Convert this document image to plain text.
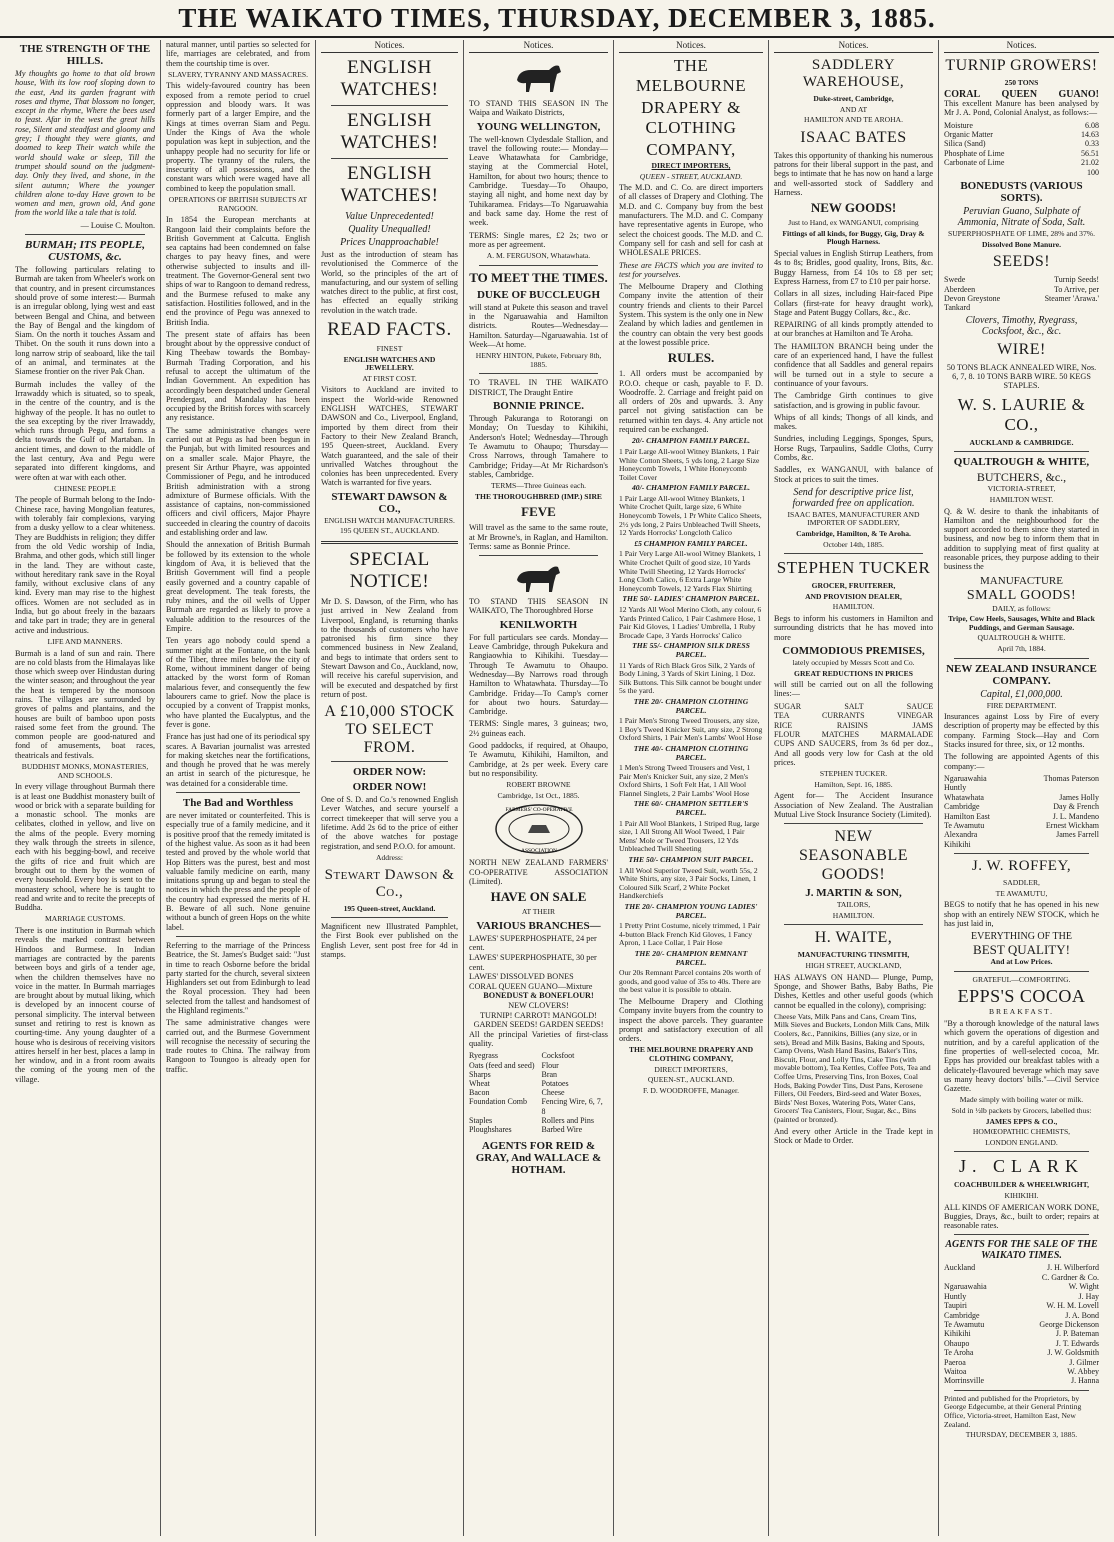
THE WAIKATO TIMES, THURSDAY, DECEMBER 3, 1885.
THE STRENGTH OF THE HILLS.

My thoughts go home to that old brown house, With its low roof sloping down to the east, And its garden fragrant with roses and thyme, That blossom no longer, except in the rhyme, Where the bees used to feast. Afar in the west the great hills rose, Silent and steadfast and gloomy and grey; I thought they were giants, and doomed to keep Their watch while the world should wake or sleep, Till the trumpet should sound on the judgment-day. Only they lived, and shone, in the silent autumn; Where the younger children alone to-day Have grown to be women and men, grown old, And gone from the world like a tale that is told.

— Louise C. Moulton.

BURMAH; ITS PEOPLE, CUSTOMS, &c.

The following particulars relating to Burmah are taken from Wheeler's work on that country, and in present circumstances should prove of some interest:— Burmah is an irregular oblong, lying west and east between Bengal and China, and between the Bay of Bengal and the kingdom of Siam. On the north it touches Assam and Thibet. On the south it runs down into a long narrow strip of seaboard, like the tail of an animal, and terminates at the Siamese frontier on the river Pak Chan.

Burmah includes the valley of the Irrawaddy which is situated, so to speak, in the centre of the country, and is the highway of the people. It has no outlet to the sea excepting by the river Irrawaddy, which runs through Pegu, and forms a delta towards the Gulf of Martaban. In ancient times, and down to the middle of the last century, Ava and Pegu were separated into different kingdoms, and were often at war with each other.

CHINESE PEOPLE

The people of Burmah belong to the Indo-Chinese race, having Mongolian features, with tolerably fair complexions, varying from a dusky yellow to a clear whiteness. They are Buddhists in religion; they differ from the old Vedic worship of India, Brahma, and other gods, which still linger in the land. They are without caste, without hereditary rank save in the Royal family, without exclusive clans of any kind. Every man may rise to the highest offices. Women are not secluded as in India, but go about freely in the bazaars and take part in trade; they are in general active and industrious.

LIFE AND MANNERS.

Burmah is a land of sun and rain. There are no cold blasts from the Himalayas like those which sweep over Hindustan during the winter season; and throughout the year the heat is tempered by the monsoon rains. The villages are surrounded by groves of palms and plantains, and the houses are built of bamboo upon posts raised some feet from the ground. The common people are good-natured and fond of amusements, boat races, theatricals and festivals.

BUDDHIST MONKS, MONASTERIES, AND SCHOOLS.

In every village throughout Burmah there is at least one Buddhist monastery built of wood or brick with a separate building for a monastic school. The monks are celibates, clothed in yellow, and live on the alms of the people. Every morning they walk through the streets in silence, each with his begging-bowl, and receive the gifts of rice and fruit which are brought out to them by the women of every household. Every boy is sent to the monastery school, where he is taught to read and write and to recite the precepts of Buddha.

MARRIAGE CUSTOMS.

There is one institution in Burmah which reveals the marked contrast between Hindoos and Burmese. In Indian marriages are contracted by the parents between boys and girls of a tender age, when the children themselves have no voice in the matter. In Burmah marriages are brought about by mutual liking, which is developed by an innocent course of personal simplicity. The interval between sunset and retiring to rest is known as courting-time. Any young daughter of a house who is desirous of receiving visitors attires herself in her best, places a lamp in her window, and in a front room awaits the coming of the young men of the village.

natural manner, until parties so selected for life, marriages are celebrated, and from them the courtship time is over.

SLAVERY, TYRANNY AND MASSACRES.

This widely-favoured country has been exposed from a remote period to cruel oppression and bloody wars. It was formerly part of a larger Empire, and the Kings at times overran Siam and Pegu. Under the Kings of Ava the whole population was kept in subjection, and the unhappy people had no security for life or property. The tyranny of the rulers, the insecurity of all possessions, and the constant wars which were waged have all combined to keep the population small.

OPERATIONS OF BRITISH SUBJECTS AT RANGOON.

In 1854 the European merchants at Rangoon laid their complaints before the British Government at Calcutta. English sea captains had been condemned on false charges to pay heavy fines, and were otherwise subjected to insults and ill-treatment. The Governor-General sent two ships of war to Rangoon to demand redress, and the Burmese refused to make any satisfaction. Hostilities followed, and in the end the province of Pegu was annexed to British India.

The present state of affairs has been brought about by the oppressive conduct of King Theebaw towards the Bombay-Burmah Trading Corporation, and his refusal to accept the ultimatum of the Indian Government. An expedition has accordingly been despatched under General Prendergast, and Mandalay has been occupied by the British forces with scarcely any resistance.

The same administrative changes were carried out at Pegu as had been begun in the Punjab, but with limited resources and on a smaller scale. Major Phayre, the present Sir Arthur Phayre, was appointed Commissioner of Pegu, and he introduced British administration with a strong admixture of Burmese officials. With the assistance of captains, non-commissioned officers and civil officers, Major Phayre succeeded in clearing the country of dacoits and establishing order and law.

Should the annexation of British Burmah be followed by its extension to the whole kingdom of Ava, it is believed that the British Government will find a people easily governed and a country capable of great development. The teak forests, the ruby mines, and the oil wells of Upper Burmah are regarded as likely to prove a valuable addition to the resources of the Empire.

Ten years ago nobody could spend a summer night at the Fontane, on the bank of the Tiber, three miles below the city of Rome, without imminent danger of being attacked by the worst form of Roman malarious fever, and consequently the few labourers came to grief. Now the place is occupied by a convent of Trappist monks, who have planted the Eucalyptus, and the fever is gone.

France has just had one of its periodical spy scares. A Bavarian journalist was arrested for making sketches near the fortifications, and though he proved that he was merely an artist in search of the picturesque, he was detained for a considerable time.

The Bad and Worthless

are never imitated or counterfeited. This is especially true of a family medicine, and it is positive proof that the remedy imitated is of the highest value. As soon as it had been tested and proved by the whole world that Hop Bitters was the purest, best and most valuable family medicine on earth, many imitations sprung up and began to steal the notices in which the press and the people of the country had expressed the merits of H. B. Beware of all such. None genuine without a bunch of green Hops on the white label.

Referring to the marriage of the Princess Beatrice, the St. James's Budget said: "Just in time to reach Osborne before the bridal party started for the church, several sixteen Highlanders set out from Edinburgh to lead the Royal procession. They had been selected from the tallest and handsomest of the Highland regiments."

The same administrative changes were carried out, and the Burmese Government will recognise the necessity of securing the trade routes to China. The railway from Rangoon to Toungoo is already open for traffic.

Notices.
ENGLISH WATCHES!
ENGLISH WATCHES!
ENGLISH WATCHES!
Value Unprecedented!
Quality Unequalled!
Prices Unapproachable!

Just as the introduction of steam has revolutionised the Commerce of the World, so the principles of the art of manufacturing, and our system of selling watches direct to the public, at first cost, has effected an equally striking revolution in the watch trade.

READ FACTS.
FINEST
ENGLISH WATCHES AND JEWELLERY.
AT FIRST COST.

Visitors to Auckland are invited to inspect the World-wide Renowned ENGLISH WATCHES, STEWART DAWSON and Co., Liverpool, England, imported by them direct from their Factory to their New Zealand Branch, 195 Queen-street, Auckland. Every Watch guaranteed, and the sale of their unrivalled Watches throughout the colonies has been unprecedented. Every Watch is warranted for five years.

STEWART DAWSON & CO.,
ENGLISH WATCH MANUFACTURERS.
195 QUEEN ST., AUCKLAND.
SPECIAL NOTICE!

Mr D. S. Dawson, of the Firm, who has just arrived in New Zealand from Liverpool, England, is returning thanks to the thousands of customers who have patronised his firm since they commenced business in New Zealand, and begs to intimate that orders sent to Stewart Dawson and Co., Auckland, now, will receive his careful supervision, and will be executed and despatched by first return of post.

A £10,000 STOCK TO SELECT FROM.
ORDER NOW:
ORDER NOW!

One of S. D. and Co.'s renowned English Lever Watches, and secure yourself a correct timekeeper that will serve you a lifetime. Add 2s 6d to the price of either of the above watches for postage registration, and send P.O.O. for amount.

Address:
Stewart Dawson & Co.,
195 Queen-street, Auckland.

Magnificent new Illustrated Pamphlet, the First Book ever published on the English Lever, sent post free for 4d in stamps.

Notices.

TO STAND THIS SEASON IN The Waipa and Waikato Districts,

YOUNG WELLINGTON,

The well-known Clydesdale Stallion, and travel the following route:— Monday—Leave Whatawhata for Cambridge, staying at the Commercial Hotel, Hamilton, for about two hours; thence to Cambridge. Tuesday—To Ohaupo, staying all night, and home next day by Tuhikaramea. Fridays—To Ngaruawahia and back same day. Home the rest of week.

TERMS: Single mares, £2 2s; two or more as per agreement.

A. M. FERGUSON, Whatawhata.
TO MEET THE TIMES.
DUKE OF BUCCLEUGH

will stand at Pukete this season and travel in the Ngaruawahia and Hamilton districts. Routes—Wednesday—Hamilton. Saturday—Ngaruawahia. 1st of Week—At home.

HENRY HINTON, Pukete, February 8th, 1885.

TO TRAVEL IN THE WAIKATO DISTRICT, The Draught Entire

BONNIE PRINCE.

Through Pakuranga to Rotorangi on Monday; On Tuesday to Kihikihi, Anderson's Hotel; Wednesday—Through Te Awamutu to Ohaupo; Thursday—Cross Narrows, through Tamahere to Cambridge; Friday—At Mr Richardson's stables, Cambridge.

TERMS—Three Guineas each.
THE THOROUGHBRED (IMP.) SIRE
FEVE

Will travel as the same to the same route, at Mr Browne's, in Raglan, and Hamilton. Terms: same as Bonnie Prince.

TO STAND THIS SEASON IN WAIKATO, The Thoroughbred Horse

KENILWORTH

For full particulars see cards. Monday—Leave Cambridge, through Pukekura and Rangiaowhia to Kihikihi. Tuesday—Through Te Awamutu to Ohaupo. Wednesday—By Narrows road through Hamilton to Whatawhata. Thursday—To Cambridge. Friday—To Camp's corner for about two hours. Saturday—Cambridge.

TERMS: Single mares, 3 guineas; two, 2½ guineas each.

Good paddocks, if required, at Ohaupo, Te Awamutu, Kihikihi, Hamilton, and Cambridge, at 2s per week. Every care but no responsibility.

ROBERT BROWNE
Cambridge, 1st Oct., 1885.
FARMERS' CO-OPERATIVE
ASSOCIATION

NORTH NEW ZEALAND FARMERS' CO-OPERATIVE ASSOCIATION (Limited).

HAVE ON SALE
AT THEIR
VARIOUS BRANCHES—
LAWES' SUPERPHOSPHATE, 24 per cent.
LAWES' SUPERPHOSPHATE, 30 per cent.
LAWES' DISSOLVED BONES
CORAL QUEEN GUANO—Mixture
BONEDUST & BONEFLOUR!
NEW CLOVERS!
TURNIP! CARROT! MANGOLD!
GARDEN SEEDS! GARDEN SEEDS!

All the principal Varieties of first-class quality.

Ryegrass	Cocksfoot
Oats (feed and seed) Flour
Sharps	Bran
Wheat	Potatoes
Bacon	Cheese
Foundation Comb	Fencing Wire, 6, 7, 8
Staples	Rollers and Pins
Ploughshares	Barbed Wire
AGENTS FOR REID & GRAY, And WALLACE & HOTHAM.
Notices.
THE MELBOURNE
DRAPERY & CLOTHING
COMPANY,
DIRECT IMPORTERS,
QUEEN - STREET, AUCKLAND.

The M.D. and C. Co. are direct importers of all classes of Drapery and Clothing. The M.D. and C. Company buy from the best manufacturers. The M.D. and C. Company have representative agents in Europe, who select the choicest goods. The M.D. and C. Company sell for cash and sell for cash at WHOLESALE PRICES.

These are FACTS which you are invited to test for yourselves.

The Melbourne Drapery and Clothing Company invite the attention of their country friends and clients to their Parcel System. This system is the only one in New Zealand by which ladies and gentlemen in the country can obtain the very best goods at the lowest possible price.

RULES.

1. All orders must be accompanied by P.O.O. cheque or cash, payable to F. D. Woodroffe. 2. Carriage and freight paid on all orders of 20s and upwards. 3. Any parcel not giving satisfaction can be returned within ten days. 4. Any article not required can be exchanged.

20/- CHAMPION FAMILY PARCEL.

1 Pair Large All-wool Witney Blankets, 1 Pair White Cotton Sheets, 5 yds long, 2 Large Size Honeycomb Towels, 1 White Honeycomb Toilet Cover

40/- CHAMPION FAMILY PARCEL.

1 Pair Large All-wool Witney Blankets, 1 White Crochet Quilt, large size, 6 White Honeycomb Towels, 1 Pr White Calico Sheets, 2½ yds long, 2 Pairs Unbleached Twill Sheets, 12 Yards Horrocks' Longcloth Calico

£5 CHAMPION FAMILY PARCEL.

1 Pair Very Large All-wool Witney Blankets, 1 White Crochet Quilt of good size, 10 Yards White Twill Sheeting, 12 Yards Horrocks' Long Cloth Calico, 6 Extra Large White Honeycomb Towels, 12 Yards Flax Shirting

THE 50/- LADIES' CHAMPION PARCEL.

12 Yards All Wool Merino Cloth, any colour, 6 Yards Printed Calico, 1 Pair Cashmere Hose, 1 Pair Kid Gloves, 1 Ladies' Umbrella, 1 Ruby Brocade Cape, 3 Yards Horrocks' Calico

THE 55/- CHAMPION SILK DRESS PARCEL.

11 Yards of Rich Black Gros Silk, 2 Yards of Body Lining, 3 Yards of Skirt Lining, 1 Doz. Silk Buttons. This Silk cannot be bought under 5s the yard.

THE 20/- CHAMPION CLOTHING PARCEL.

1 Pair Men's Strong Tweed Trousers, any size, 1 Boy's Tweed Knicker Suit, any size, 2 Strong Oxford Shirts, 1 Pair Men's Lambs' Wool Hose

THE 40/- CHAMPION CLOTHING PARCEL.

1 Men's Strong Tweed Trousers and Vest, 1 Pair Men's Knicker Suit, any size, 2 Men's Oxford Shirts, 1 Soft Felt Hat, 1 All Wool Flannel Singlets, 2 Pair Lambs' Wool Hose

THE 60/- CHAMPION SETTLER'S PARCEL.

1 Pair All Wool Blankets, 1 Striped Rug, large size, 1 All Strong All Wool Tweed, 1 Pair Mens' Mole or Tweed Trousers, 12 Yds Unbleached Twill Sheeting

THE 50/- CHAMPION SUIT PARCEL.

1 All Wool Superior Tweed Suit, worth 55s, 2 White Shirts, any size, 3 Pair Socks, Linen, 1 Coloured Silk Scarf, 2 White Pocket Handkerchiefs

THE 20/- CHAMPION YOUNG LADIES' PARCEL.

1 Pretty Print Costume, nicely trimmed, 1 Pair 4-button Black French Kid Gloves, 1 Fancy Apron, 1 Lace Collar, 1 Pair Hose

THE 20/- CHAMPION REMNANT PARCEL.

Our 20s Remnant Parcel contains 20s worth of goods, and good value of 35s to 40s. There are the best value it is possible to obtain.

The Melbourne Drapery and Clothing Company invite buyers from the country to inspect the above parcels. They guarantee prompt and satisfactory execution of all orders.

THE MELBOURNE DRAPERY AND CLOTHING COMPANY,
DIRECT IMPORTERS,
QUEEN-ST., AUCKLAND.
F. D. WOODROFFE, Manager.
Notices.
SADDLERY WAREHOUSE,
Duke-street, Cambridge,
AND AT
HAMILTON AND TE AROHA.
ISAAC BATES

Takes this opportunity of thanking his numerous patrons for their liberal support in the past, and begs to intimate that he has now on hand a large and well-assorted stock of Saddlery and Harness.

NEW GOODS!
Just to Hand, ex WANGANUI, comprising
Fittings of all kinds, for Buggy, Gig, Dray & Plough Harness.

Special values in English Stirrup Leathers, from 4s to 8s; Bridles, good quality, Irons, Bits, &c. Buggy Harness, from £4 10s to £8 per set; Express Harness, from £7 to £10 per pair horse.

Collars in all sizes, including Hair-faced Pipe Collars (first-rate for heavy draught work), Stage and Patent Buggy Collars, &c., &c.

REPAIRING of all kinds promptly attended to at our branches at Hamilton and Te Aroha.

The HAMILTON BRANCH being under the care of an experienced hand, I have the fullest confidence that all Saddles and general repairs will be turned out in a style to secure a continuance of your favours.

The Cambridge Girth continues to give satisfaction, and is growing in public favour.

Whips of all kinds; Thongs of all kinds, and makes.

Sundries, including Leggings, Sponges, Spurs, Horse Rugs, Tarpaulins, Saddle Cloths, Curry Combs, &c.

Saddles, ex WANGANUI, with balance of Stock at prices to suit the times.

Send for descriptive price list, forwarded free on application.
ISAAC BATES, MANUFACTURER AND IMPORTER OF SADDLERY,
Cambridge, Hamilton, & Te Aroha.
October 14th, 1885.
STEPHEN TUCKER
GROCER, FRUITERER,
AND PROVISION DEALER,
HAMILTON.

Begs to inform his customers in Hamilton and surrounding districts that he has moved into more

COMMODIOUS PREMISES,
lately occupied by Messrs Scott and Co.
GREAT REDUCTIONS IN PRICES

will still be carried out on all the following lines:—

SUGAR	SALT	SAUCE
TEA	CURRANTS	VINEGAR
RICE	RAISINS	JAMS
FLOUR	MATCHES	MARMALADE

CUPS AND SAUCERS, from 3s 6d per doz., And all goods very low for Cash at the old prices.

STEPHEN TUCKER.
Hamilton, Sept. 16, 1885.

Agent for— The Accident Insurance Association of New Zealand. The Australian Mutual Live Stock Insurance Society (Limited).

NEW
SEASONABLE
GOODS!
J. MARTIN & SON,
TAILORS,
HAMILTON.
H. WAITE,
MANUFACTURING TINSMITH,
HIGH STREET, AUCKLAND,

HAS ALWAYS ON HAND— Plunge, Pump, Sponge, and Shower Baths, Baby Baths, Pie Dishes, Kettles and other useful goods (which cannot be equalled in the colony), comprising:

Cheese Vats, Milk Pans and Cans, Cream Tins, Milk Sieves and Buckets, London Milk Cans, Milk Coolers, &c., Pannikins, Billies (any size, or in sets), Bread and Milk Basins, Baking and Spouts, Camp Ovens, Wash Hand Basins, Baker's Tins, Biscuit, Flour, and Lolly Tins, Cake Tins (with movable bottom), Tea Kettles, Coffee Pots, Tea and Coffee Urns, Preserving Tins, Iron Boxes, Coal Hods, Baking Powder Tins, Dust Pans, Kerosene Fillers, Oil Feeders, Bird-seed and Water Boxes, Birds' Nest Boxes, Watering Pots, Water Cans, Grocers' Tea Canisters, Flour, Sugar, &c., Bins (painted or bronzed).

And every other Article in the Trade kept in Stock or Made to Order.

Notices.
TURNIP GROWERS!
250 TONS
CORAL QUEEN GUANO!

This excellent Manure has been analysed by Mr J. A. Pond, Colonial Analyst, as follows:—

Moisture	6.08
Organic Matter	14.63
Silica (Sand)	0.33
Phosphate of Lime	56.51
Carbonate of Lime	21.02
100
BONEDUSTS (VARIOUS SORTS).
Peruvian Guano, Sulphate of Ammonia, Nitrate of Soda, Salt.
SUPERPHOSPHATE OF LIME, 28% and 37%.
Dissolved Bone Manure.
SEEDS!
Swede	Turnip Seeds!
Aberdeen	To Arrive, per
Devon Greystone	Steamer 'Arawa.'
Tankard
Clovers, Timothy, Ryegrass, Cocksfoot, &c., &c.
WIRE!

50 TONS BLACK ANNEALED WIRE, Nos. 6, 7, 8. 10 TONS BARB WIRE. 50 KEGS STAPLES.

W. S. LAURIE & CO.,
AUCKLAND & CAMBRIDGE.
QUALTROUGH & WHITE,
BUTCHERS, &c.,
VICTORIA-STREET,
HAMILTON WEST.

Q. & W. desire to thank the inhabitants of Hamilton and the neighbourhood for the support accorded to them since they started in business, and now beg to inform them that in addition to supplying meat of first quality at reasonable prices, they purpose adding to their business the

MANUFACTURE
SMALL GOODS!
DAILY, as follows:
Tripe, Cow Heels, Sausages, White and Black Puddings, and German Sausage.
QUALTROUGH & WHITE.
April 7th, 1884.
NEW ZEALAND INSURANCE COMPANY.
Capital, £1,000,000.
FIRE DEPARTMENT.

Insurances against Loss by Fire of every description of property may be effected by this company. Farming Stock—Hay and Corn Stacks insured for three, six, or 12 months.

The following are appointed Agents of this company:—

Ngaruawahia	Thomas Paterson
Huntly
Whatawhata	James Holly
Cambridge	Day & French
Hamilton East	J. L. Mandeno
Te Awamutu	Ernest Wickham
Alexandra	James Farrell
Kihikihi
J. W. ROFFEY,
SADDLER,
TE AWAMUTU,

BEGS to notify that he has opened in his new shop with an entirely NEW STOCK, which he has just laid in,

EVERYTHING OF THE
BEST QUALITY!
And at Low Prices.
GRATEFUL—COMFORTING.
EPPS'S COCOA
BREAKFAST.

"By a thorough knowledge of the natural laws which govern the operations of digestion and nutrition, and by a careful application of the fine properties of well-selected cocoa, Mr. Epps has provided our breakfast tables with a delicately-flavoured beverage which may save us many heavy doctors' bills."—Civil Service Gazette.

Made simply with boiling water or milk.
Sold in ½lb packets by Grocers, labelled thus:
JAMES EPPS & CO.,
HOMŒOPATHIC CHEMISTS,
LONDON ENGLAND.
J. CLARK
COACHBUILDER & WHEELWRIGHT,
KIHIKIHI.

ALL KINDS OF AMERICAN WORK DONE, Buggies, Drays, &c., built to order; repairs at reasonable rates.

AGENTS FOR THE SALE OF THE WAIKATO TIMES.
Auckland	J. H. Wilberford
C. Gardner & Co.
Ngaruawahia	W. Wight
Huntly	J. Hay
Taupiri	W. H. M. Lovell
Cambridge	J. A. Bond
Te Awamutu	George Dickenson
Kihikihi	J. P. Bateman
Ohaupo	J. T. Edwards
Te Aroha	J. W. Goldsmith
Paeroa	J. Gilmer
Waitoa	W. Abbey
Morrinsville	J. Hanna

Printed and published for the Proprietors, by George Edgecumbe, at their General Printing Office, Victoria-street, Hamilton East, New Zealand.

THURSDAY, DECEMBER 3, 1885.
